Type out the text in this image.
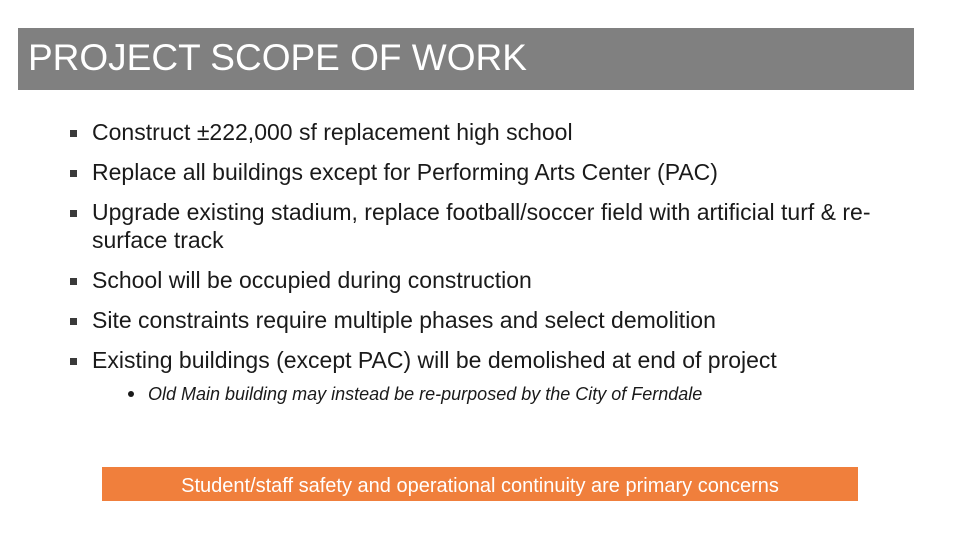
PROJECT SCOPE OF WORK
Construct ±222,000 sf replacement high school
Replace all buildings except for Performing Arts Center (PAC)
Upgrade existing stadium, replace football/soccer field with artificial turf & re-surface track
School will be occupied during construction
Site constraints require multiple phases and select demolition
Existing buildings (except PAC) will be demolished at end of project
Old Main building may instead be re-purposed by the City of Ferndale
Student/staff safety and operational continuity are primary concerns
